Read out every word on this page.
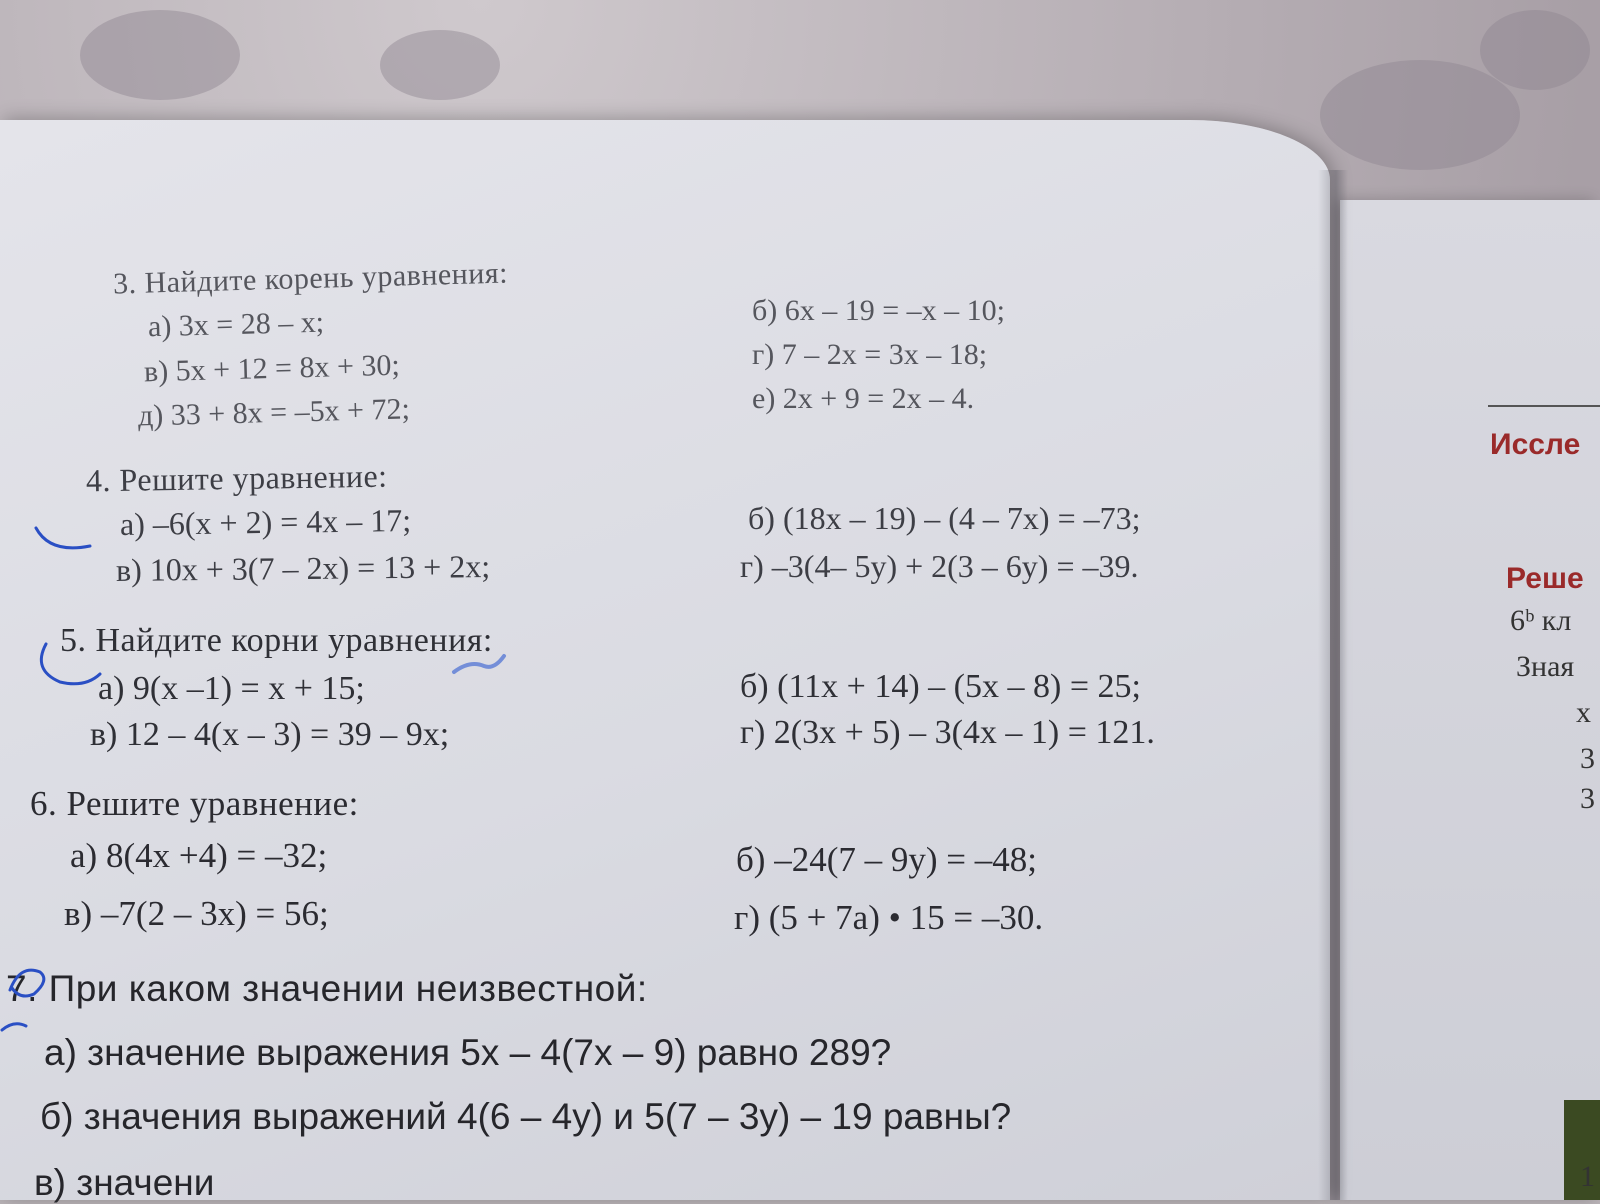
3. Найдите корень уравнения:
а) 3x = 28 – x;	б) 6x – 19 = –x – 10;
в) 5x + 12 = 8x + 30;	г) 7 – 2x = 3x – 18;
д) 33 + 8x = –5x + 72;	е) 2x + 9 = 2x – 4.
4. Решите уравнение:
а) –6(x + 2) = 4x – 17;	б) (18x – 19) – (4 – 7x) = –73;
в) 10x + 3(7 – 2x) = 13 + 2x;	г) –3(4– 5y) + 2(3 – 6y) = –39.
5. Найдите корни уравнения:
а) 9(x –1) = x + 15;	б) (11x + 14) – (5x – 8) = 25;
в) 12 – 4(x – 3) = 39 – 9x;	г) 2(3x + 5) – 3(4x – 1) = 121.
6. Решите уравнение:
а) 8(4x +4) = –32;	б) –24(7 – 9y) = –48;
в) –7(2 – 3x) = 56;	г) (5 + 7a) • 15 = –30.
7. При каком значении неизвестной:
а) значение выражения 5x – 4(7x – 9) равно 289?
б) значения выражений 4(6 – 4y) и 5(7 – 3y) – 19 равны?
в) значени
Иссле
Реше
6ᵇ кл
Зная
x
3
3
1
